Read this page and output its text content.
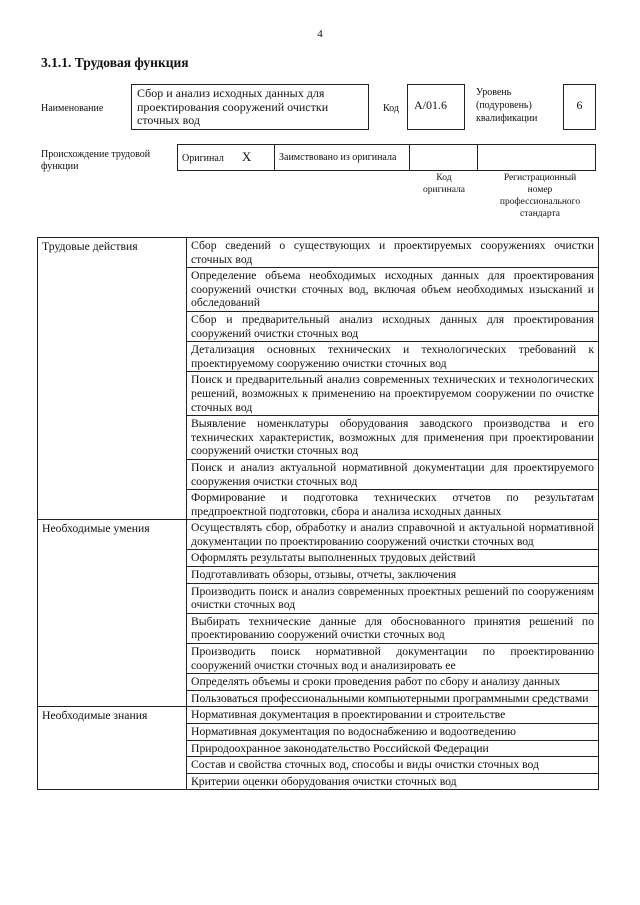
4
3.1.1. Трудовая функция
Наименование
Сбор и анализ исходных данных для проектирования сооружений очистки сточных вод
Код	A/01.6
Уровень
(подуровень)
квалификации
6
Происхождение трудовой
функции
Оригинал Х	Заимствовано из оригинала		
Код
оригинала
Регистрационный
номер
профессионального
стандарта
Трудовые действия	Сбор сведений о существующих и проектируемых сооружениях очистки сточных вод
	Определение объема необходимых исходных данных для проектирования сооружений очистки сточных вод, включая объем необходимых изысканий и обследований
	Сбор и предварительный анализ исходных данных для проектирования сооружений очистки сточных вод
	Детализация основных технических и технологических требований к проектируемому сооружению очистки сточных вод
	Поиск и предварительный анализ современных технических и технологических решений, возможных к применению на проектируемом сооружении по очистке сточных вод
	Выявление номенклатуры оборудования заводского производства и его технических характеристик, возможных для применения при проектировании сооружений очистки сточных вод
	Поиск и анализ актуальной нормативной документации для проектируемого сооружения очистки сточных вод
	Формирование и подготовка технических отчетов по результатам предпроектной подготовки, сбора и анализа исходных данных
Необходимые умения	Осуществлять сбор, обработку и анализ справочной и актуальной нормативной документации по проектированию сооружений очистки сточных вод
	Оформлять результаты выполненных трудовых действий
	Подготавливать обзоры, отзывы, отчеты, заключения
	Производить поиск и анализ современных проектных решений по сооружениям очистки сточных вод
	Выбирать технические данные для обоснованного принятия решений по проектированию сооружений очистки сточных вод
	Производить поиск нормативной документации по проектированию сооружений очистки сточных вод и анализировать ее
	Определять объемы и сроки проведения работ по сбору и анализу данных
	Пользоваться профессиональными компьютерными программными средствами
Необходимые знания	Нормативная документация в проектировании и строительстве
	Нормативная документация по водоснабжению и водоотведению
	Природоохранное законодательство Российской Федерации
	Состав и свойства сточных вод, способы и виды очистки сточных вод
	Критерии оценки оборудования очистки сточных вод
